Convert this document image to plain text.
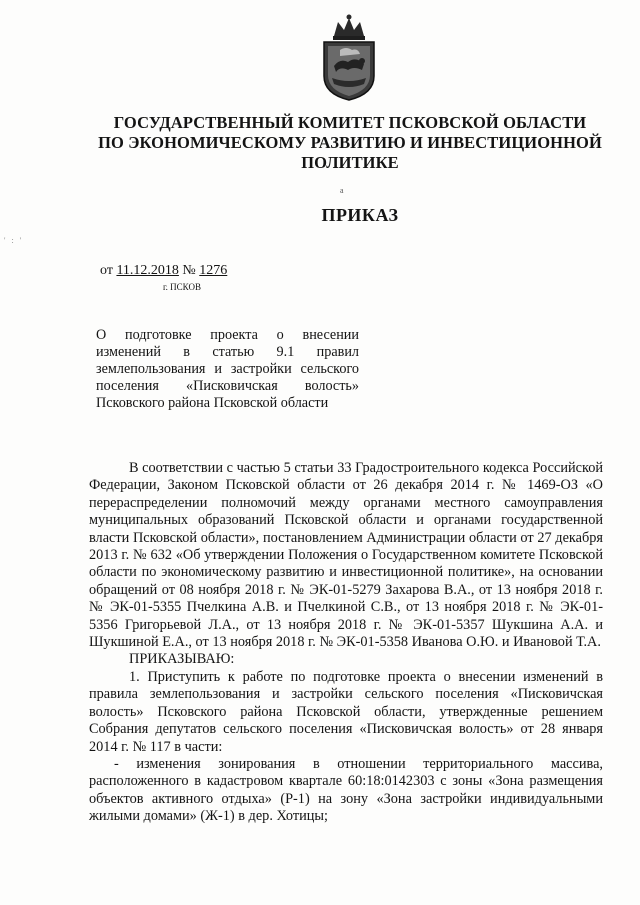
ГОСУДАРСТВЕННЫЙ КОМИТЕТ ПСКОВСКОЙ ОБЛАСТИ
ПО ЭКОНОМИЧЕСКОМУ РАЗВИТИЮ И ИНВЕСТИЦИОННОЙ
ПОЛИТИКЕ
а
' : '
ПРИКАЗ
от 11.12.2018 № 1276
г. ПСКОВ
О подготовке проекта о внесении изменений в статью 9.1 правил землепользования и застройки сельского поселения «Писковичская волость» Псковского района Псковской области

В соответствии с частью 5 статьи 33 Градостроительного кодекса Российской Федерации, Законом Псковской области от 26 декабря 2014 г. № 1469-ОЗ «О перераспределении полномочий между органами местного самоуправления муниципальных образований Псковской области и органами государственной власти Псковской области», постановлением Администрации области от 27 декабря 2013 г. № 632 «Об утверждении Положения о Государственном комитете Псковской области по экономическому развитию и инвестиционной политике», на основании обращений от 08 ноября 2018 г. № ЭК-01-5279 Захарова В.А., от 13 ноября 2018 г. № ЭК-01-5355 Пчелкина А.В. и Пчелкиной С.В., от 13 ноября 2018 г. № ЭК-01-5356 Григорьевой Л.А., от 13 ноября 2018 г. № ЭК-01-5357 Шукшина А.А. и Шукшиной Е.А., от 13 ноября 2018 г. № ЭК-01-5358 Иванова О.Ю. и Ивановой Т.А.

ПРИКАЗЫВАЮ:

1. Приступить к работе по подготовке проекта о внесении изменений в правила землепользования и застройки сельского поселения «Писковичская волость» Псковского района Псковской области, утвержденные решением Собрания депутатов сельского поселения «Писковичская волость» от 28 января 2014 г. № 117 в части:

- изменения зонирования в отношении территориального массива, расположенного в кадастровом квартале 60:18:0142303 с зоны «Зона размещения объектов активного отдыха» (Р-1) на зону «Зона застройки индивидуальными жилыми домами» (Ж-1) в дер. Хотицы;
